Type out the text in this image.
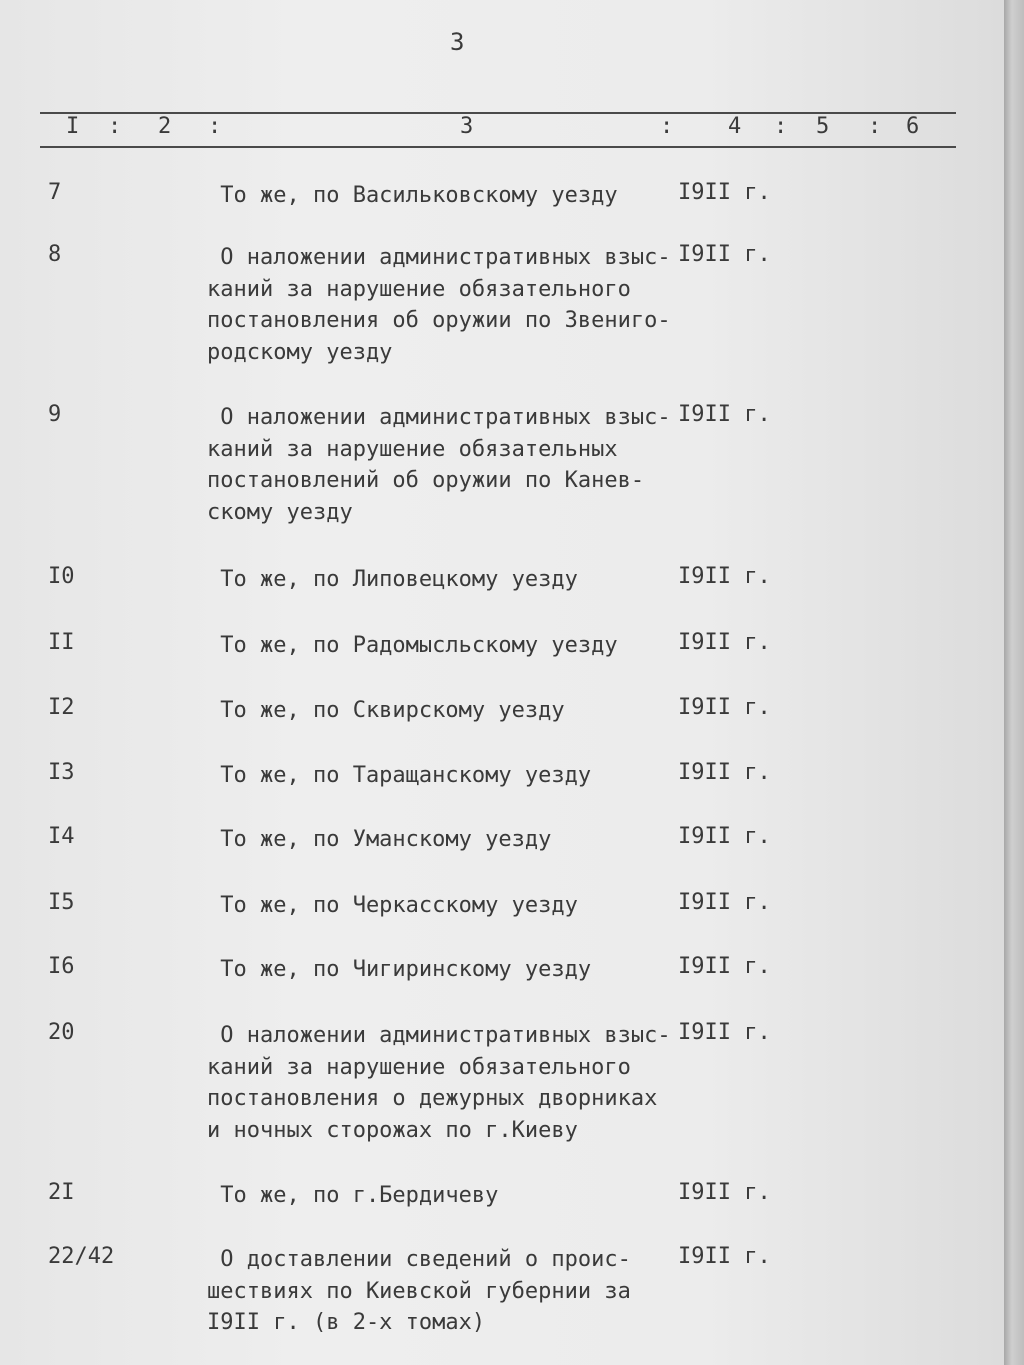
3
I : 2 :	3	: 4 : 5 : 6
7	То же, по Васильковскому уезду	I9II г.
8	О наложении административных взыс-
каний за нарушение обязательного
постановления об оружии по Звениго-
родскому уезду
I9II г.
9	О наложении административных взыс-
каний за нарушение обязательных
постановлений об оружии по Канев-
скому уезду
I9II г.
I0	То же, по Липовецкому уезду	I9II г.
II	То же, по Радомысльскому уезду	I9II г.
I2	То же, по Сквирскому уезду	I9II г.
I3	То же, по Таращанскому уезду	I9II г.
I4	То же, по Уманскому уезду	I9II г.
I5	То же, по Черкасскому уезду	I9II г.
I6	То же, по Чигиринскому уезду	I9II г.
20	О наложении административных взыс-
каний за нарушение обязательного
постановления о дежурных дворниках
и ночных сторожах по г.Киеву
I9II г.
2I	То же, по г.Бердичеву	I9II г.
22/42	О доставлении сведений о проис-
шествиях по Киевской губернии за
I9II г. (в 2-х томах)
I9II г.
